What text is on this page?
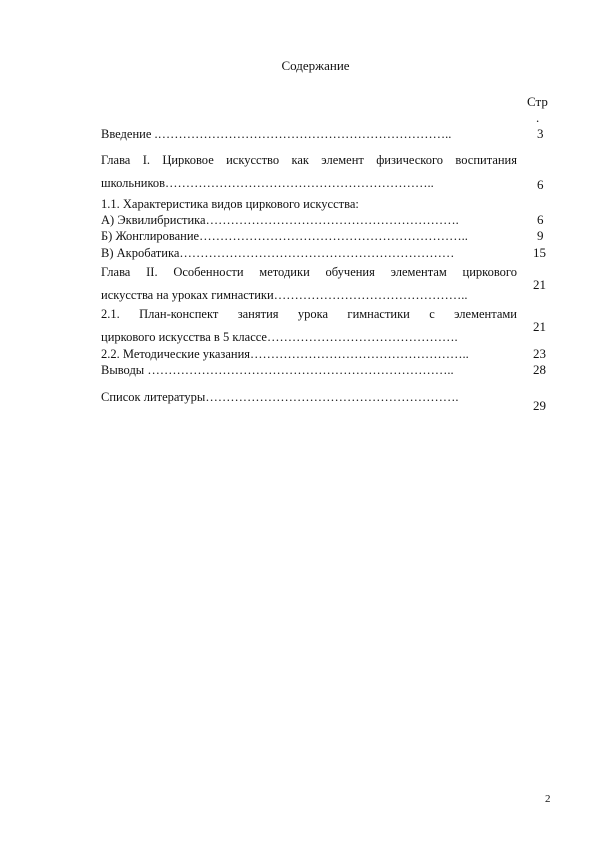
Содержание
Стр
.
Введение .……………………………………………………………..
Глава I. Цирковое искусство как элемент физического воспитания
школьников………………………………………………………..
1.1. Характеристика видов циркового искусства:
А) Эквилибристика…………………………………………………….
Б) Жонглирование………………………………………………………..
В) Акробатика…………………………………………………………
Глава II. Особенности методики обучения элементам циркового
искусства на уроках гимнастики………………………………………..
2.1. План-конспект занятия урока гимнастики с элементами
циркового искусства в 5 классе……………………………………….
2.2. Методические указания……………………………………………..
Выводы ………………………………………………………………..
Список литературы…………………………………………………….
3
6
6
9
15
21
21
23
28
29
2
